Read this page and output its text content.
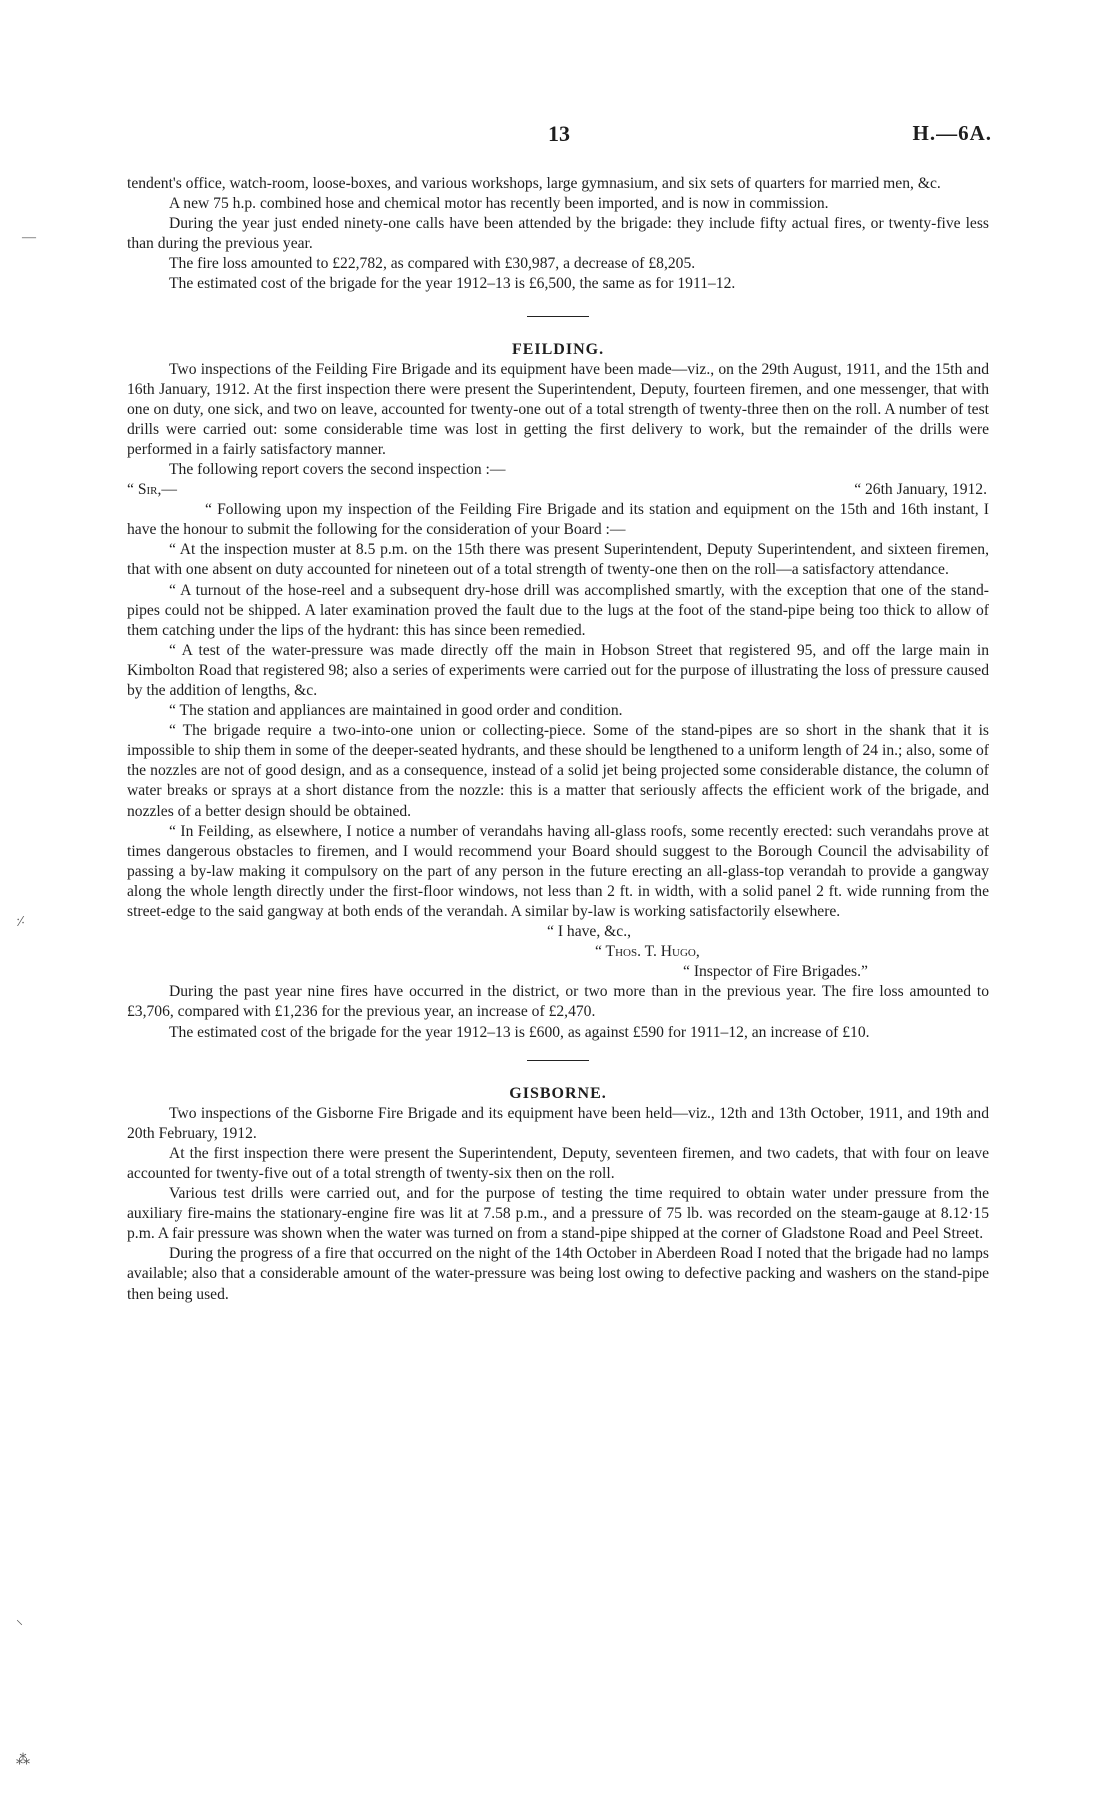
13	H.—6A.
—
⸓
⸜
⁂

tendent's office, watch-room, loose-boxes, and various workshops, large gymnasium, and six sets of quarters for married men, &c.

A new 75 h.p. combined hose and chemical motor has recently been imported, and is now in commission.

During the year just ended ninety-one calls have been attended by the brigade: they include fifty actual fires, or twenty-five less than during the previous year.

The fire loss amounted to £22,782, as compared with £30,987, a decrease of £8,205.

The estimated cost of the brigade for the year 1912–13 is £6,500, the same as for 1911–12.

FEILDING.

Two inspections of the Feilding Fire Brigade and its equipment have been made—viz., on the 29th August, 1911, and the 15th and 16th January, 1912. At the first inspection there were present the Superintendent, Deputy, fourteen firemen, and one messenger, that with one on duty, one sick, and two on leave, accounted for twenty-one out of a total strength of twenty-three then on the roll. A number of test drills were carried out: some considerable time was lost in getting the first delivery to work, but the remainder of the drills were performed in a fairly satisfactory manner.

The following report covers the second inspection :—

“ Sir,—	“ 26th January, 1912.

“ Following upon my inspection of the Feilding Fire Brigade and its station and equipment on the 15th and 16th instant, I have the honour to submit the following for the consideration of your Board :—

“ At the inspection muster at 8.5 p.m. on the 15th there was present Superintendent, Deputy Superintendent, and sixteen firemen, that with one absent on duty accounted for nineteen out of a total strength of twenty-one then on the roll—a satisfactory attendance.

“ A turnout of the hose-reel and a subsequent dry-hose drill was accomplished smartly, with the exception that one of the stand-pipes could not be shipped. A later examination proved the fault due to the lugs at the foot of the stand-pipe being too thick to allow of them catching under the lips of the hydrant: this has since been remedied.

“ A test of the water-pressure was made directly off the main in Hobson Street that registered 95, and off the large main in Kimbolton Road that registered 98; also a series of experiments were carried out for the purpose of illustrating the loss of pressure caused by the addition of lengths, &c.

“ The station and appliances are maintained in good order and condition.

“ The brigade require a two-into-one union or collecting-piece. Some of the stand-pipes are so short in the shank that it is impossible to ship them in some of the deeper-seated hydrants, and these should be lengthened to a uniform length of 24 in.; also, some of the nozzles are not of good design, and as a consequence, instead of a solid jet being projected some considerable distance, the column of water breaks or sprays at a short distance from the nozzle: this is a matter that seriously affects the efficient work of the brigade, and nozzles of a better design should be obtained.

“ In Feilding, as elsewhere, I notice a number of verandahs having all-glass roofs, some recently erected: such verandahs prove at times dangerous obstacles to firemen, and I would recommend your Board should suggest to the Borough Council the advisability of passing a by-law making it compulsory on the part of any person in the future erecting an all-glass-top verandah to provide a gangway along the whole length directly under the first-floor windows, not less than 2 ft. in width, with a solid panel 2 ft. wide running from the street-edge to the said gangway at both ends of the verandah. A similar by-law is working satisfactorily elsewhere.

“ I have, &c.,

“ Thos. T. Hugo,

“ Inspector of Fire Brigades.”

During the past year nine fires have occurred in the district, or two more than in the previous year. The fire loss amounted to £3,706, compared with £1,236 for the previous year, an increase of £2,470.

The estimated cost of the brigade for the year 1912–13 is £600, as against £590 for 1911–12, an increase of £10.

GISBORNE.

Two inspections of the Gisborne Fire Brigade and its equipment have been held—viz., 12th and 13th October, 1911, and 19th and 20th February, 1912.

At the first inspection there were present the Superintendent, Deputy, seventeen firemen, and two cadets, that with four on leave accounted for twenty-five out of a total strength of twenty-six then on the roll.

Various test drills were carried out, and for the purpose of testing the time required to obtain water under pressure from the auxiliary fire-mains the stationary-engine fire was lit at 7.58 p.m., and a pressure of 75 lb. was recorded on the steam-gauge at 8.12·15 p.m. A fair pressure was shown when the water was turned on from a stand-pipe shipped at the corner of Gladstone Road and Peel Street.

During the progress of a fire that occurred on the night of the 14th October in Aberdeen Road I noted that the brigade had no lamps available; also that a considerable amount of the water-pressure was being lost owing to defective packing and washers on the stand-pipe then being used.
